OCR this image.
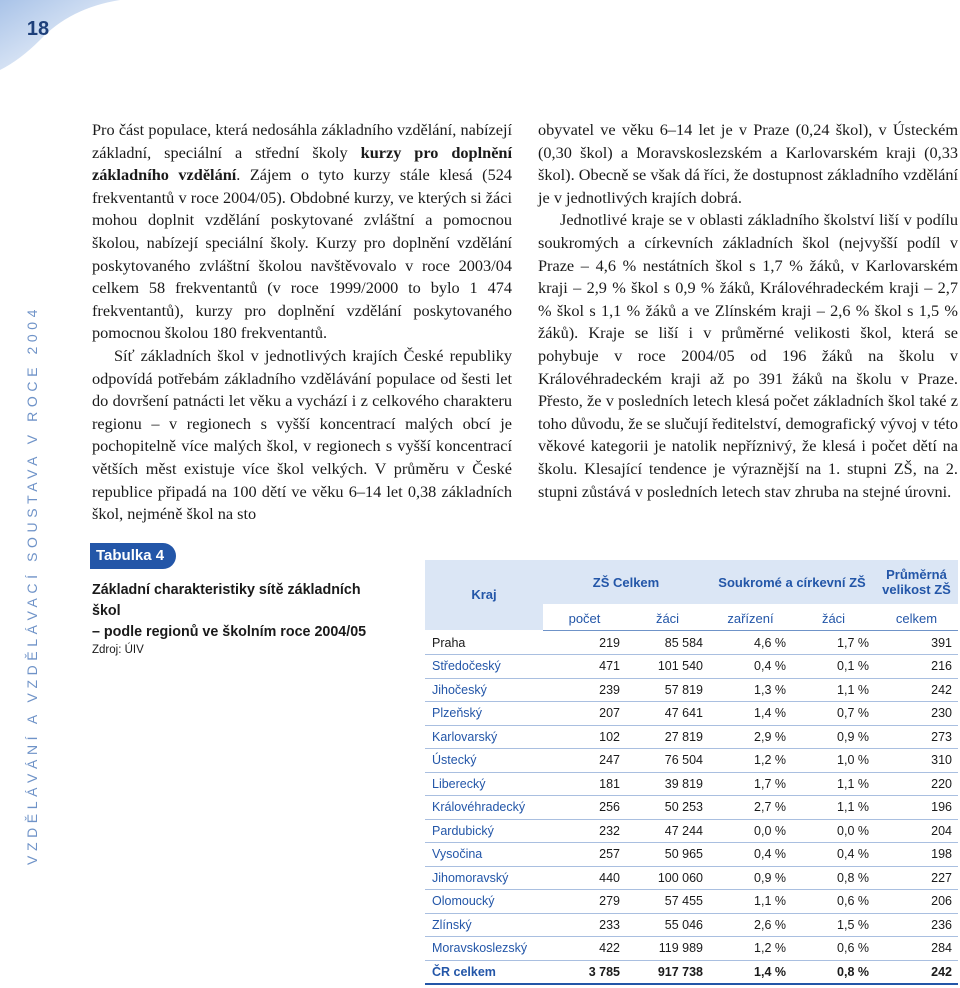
18
VZDĚLÁVÁNÍ A VZDĚLÁVACÍ SOUSTAVA V ROCE 2004

Pro část populace, která nedosáhla základního vzdělání, nabízejí základní, speciální a střední školy kurzy pro doplnění základního vzdělání. Zájem o tyto kurzy stále klesá (524 frekventantů v roce 2004/05). Obdobné kurzy, ve kterých si žáci mohou doplnit vzdělání poskytované zvláštní a pomocnou školou, nabízejí speciální školy. Kurzy pro doplnění vzdělání poskytovaného zvláštní školou navštěvovalo v roce 2003/04 celkem 58 frekventantů (v roce 1999/2000 to bylo 1 474 frekventantů), kurzy pro doplnění vzdělání poskytovaného pomocnou školou 180 frekventantů.

Síť základních škol v jednotlivých krajích České republiky odpovídá potřebám základního vzdělávání populace od šesti let do dovršení patnácti let věku a vychází i z celkového charakteru regionu – v regionech s vyšší koncentrací malých obcí je pochopitelně více malých škol, v regionech s vyšší koncentrací větších měst existuje více škol velkých. V průměru v České republice připadá na 100 dětí ve věku 6–14 let 0,38 základních škol, nejméně škol na sto

obyvatel ve věku 6–14 let je v Praze (0,24 škol), v Ústeckém (0,30 škol) a Moravskoslezském a Karlovarském kraji (0,33 škol). Obecně se však dá říci, že dostupnost základního vzdělání je v jednotlivých krajích dobrá.

Jednotlivé kraje se v oblasti základního školství liší v podílu soukromých a církevních základních škol (nejvyšší podíl v Praze – 4,6 % nestátních škol s 1,7 % žáků, v Karlovarském kraji – 2,9 % škol s 0,9 % žáků, Královéhradeckém kraji – 2,7 % škol s 1,1 % žáků a ve Zlínském kraji – 2,6 % škol s 1,5 % žáků). Kraje se liší i v průměrné velikosti škol, která se pohybuje v roce 2004/05 od 196 žáků na školu v Královéhradeckém kraji až po 391 žáků na školu v Praze. Přesto, že v posledních letech klesá počet základních škol také z toho důvodu, že se slučují ředitelství, demografický vývoj v této věkové kategorii je natolik nepříznivý, že klesá i počet dětí na školu. Klesající tendence je výraznější na 1. stupni ZŠ, na 2. stupni zůstává v posledních letech stav zhruba na stejné úrovni.

Tabulka 4
Základní charakteristiky sítě základních škol
– podle regionů ve školním roce 2004/05
Zdroj: ÚIV
Kraj	ZŠ Celkem		Soukromé a církevní ZŠ		Průměrná velikost ZŠ
	počet	žáci	zařízení	žáci	celkem
Praha	219	85 584	4,6 %	1,7 %	391
Středočeský	471	101 540	0,4 %	0,1 %	216
Jihočeský	239	57 819	1,3 %	1,1 %	242
Plzeňský	207	47 641	1,4 %	0,7 %	230
Karlovarský	102	27 819	2,9 %	0,9 %	273
Ústecký	247	76 504	1,2 %	1,0 %	310
Liberecký	181	39 819	1,7 %	1,1 %	220
Královéhradecký	256	50 253	2,7 %	1,1 %	196
Pardubický	232	47 244	0,0 %	0,0 %	204
Vysočina	257	50 965	0,4 %	0,4 %	198
Jihomoravský	440	100 060	0,9 %	0,8 %	227
Olomoucký	279	57 455	1,1 %	0,6 %	206
Zlínský	233	55 046	2,6 %	1,5 %	236
Moravskoslezský	422	119 989	1,2 %	0,6 %	284
ČR celkem	3 785	917 738	1,4 %	0,8 %	242
